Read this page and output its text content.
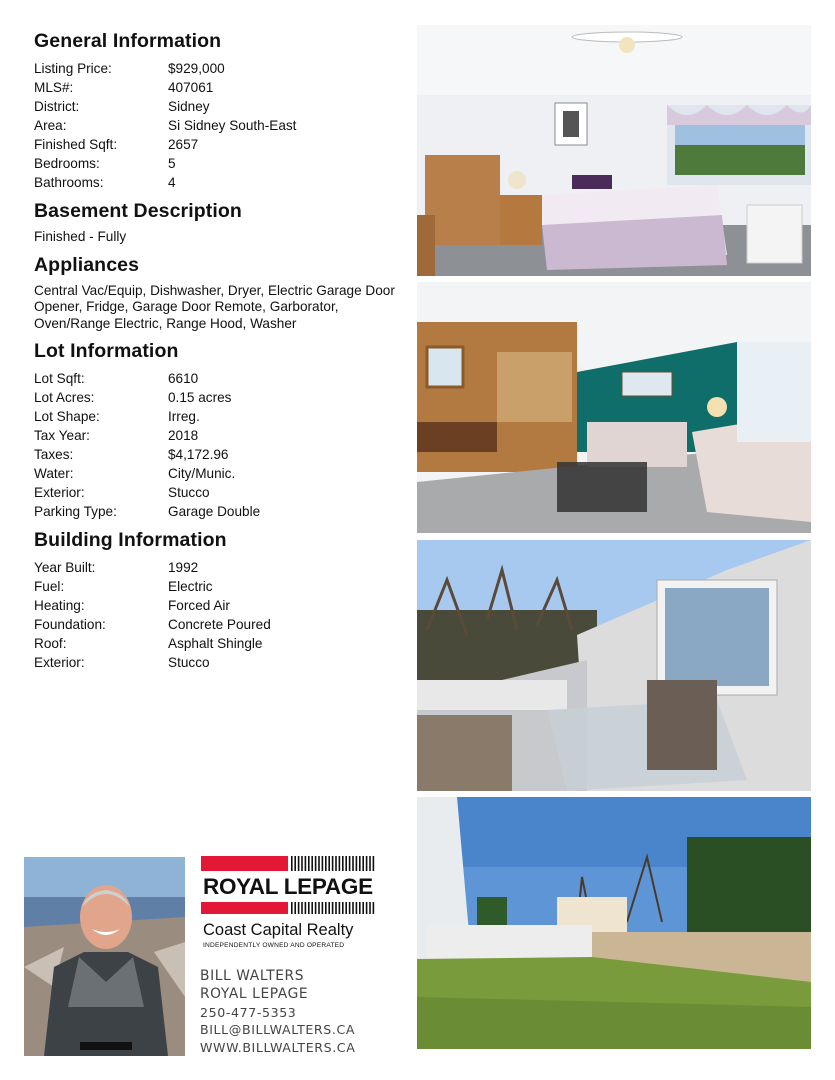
General Information
Listing Price:	$929,000
MLS#:	407061
District:	Sidney
Area:	Si Sidney South-East
Finished Sqft:	2657
Bedrooms:	5
Bathrooms:	4
Basement Description
Finished - Fully
Appliances
Central Vac/Equip, Dishwasher, Dryer, Electric Garage Door Opener, Fridge, Garage Door Remote, Garborator, Oven/Range Electric, Range Hood, Washer
Lot Information
Lot Sqft:	6610
Lot Acres:	0.15 acres
Lot Shape:	Irreg.
Tax Year:	2018
Taxes:	$4,172.96
Water:	City/Munic.
Exterior:	Stucco
Parking Type:	Garage Double
Building Information
Year Built:	1992
Fuel:	Electric
Heating:	Forced Air
Foundation:	Concrete Poured
Roof:	Asphalt Shingle
Exterior:	Stucco
ROYAL LEPAGE
Coast Capital Realty
INDEPENDENTLY OWNED AND OPERATED
BILL WALTERS
ROYAL LEPAGE
250-477-5353
BILL@BILLWALTERS.CA
WWW.BILLWALTERS.CA
